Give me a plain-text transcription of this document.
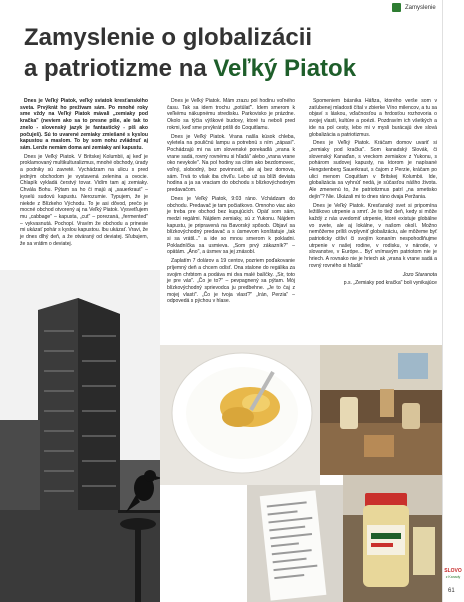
Zamyslenie
Zamyslenie o globalizácii
a patriotizme na Veľký Piatok

Dnes je Veľký Piatok, veľký sviatok kresťanského sveta. Prvýkrát ho prežívam sám. Po mnohé roky sme vždy na Veľký Piatok mávali „zemiaky pod kračka" (neviem ako sa to presne píše, ale tak to znelo - slovenský jazyk je fantastický - píš ako počuješ). Sú to uvarené zemiaky zmiešané s kyslou kapustou a maslom. To by som nohu zvládnuť aj sám. Lenže nemám doma ani zemiaky ani kapustu.

Dnes je Veľký Piatok. V Britskej Kolumbii, aj keď je proklamovaný multikulturalizmus, mnohé obchody, úrady a podniky sú zavreté. Vychádzam na ulicu s pred jedným obchodom je vystavená zelenina a ovocie. Chlapík vykladá čerstvý tovar. Vidím tam aj zemiaky. Chvála Bohu. Pýtam sa ho či majú aj „sauerkraut" – kyselú sudovú kapustu. Nerozumie. Typujem, že je niekde z Blízkeho Východu. To je asi dôvod, prečo je mocné obchod otvorený aj na Veľký Piatok. Vysvetľujem mu „cabbage" – kapusta, „cut" – porezaná, „fermented" – vykvasnutá. Pochopí. Vravím že obchodu a prinesie mi ukázať pohár s kyslou kapustou. Ibu ukázať. Vravi, že je dnes dlhý deň, a že otváraný od deviatej. Sľubujem, že sa vrátim o deviatej.

Dnes je Veľký Piatok. Mám zrazu pol hodinu voľného času. Tak sa idem trochu „potúlať". Idem smerom k veľkému nákupnému stredisku. Parkovisko je prázdne. Okolo sa týčia výškové budovy, ktoré tu neboli pred rokmi, keď sme prvýkrát prišli do Coquitlamu.

Dnes je Veľký Piatok. Vrana našla kúsok chleba, vyletela na pouličnú lampu a potrebnú s ním „zápasí". Pochádzajú mi na um slovenské porekadlá „vrana k vrane sadá, rovný rovnému si hľadá" alebo „vrana vrane oko nevykole". Na pol hodiny sa cítim ako bezdomovec, voľný, slobodný, bez povinností, ale aj bez domova, sám. Trvá to však iba chvíľu. Lebo už sa blíži deviata hodina a ja sa vraciam do obchodu s blízkovýchodným predavačom.

Dnes je Veľký Piatok, 9:03 ráno. Vchádzam do obchodu. Predavač je tam počiatkovo. Omnoho viac ako je treba pre obchod bez kupujúcich. Opäť som sám, medzi regálmi. Nájdem zemiaky, sú z Yukonu. Nájdem kapustu, je pripravená na Bavorský spôsob. Objaví sa blízkovýchodný predavač a s úsmevom konštatuje „tak si sa vrátil..." a ide so mnou smerom k pokladni. Pokladníčka sa usmieva. „Som prvý zákazník?" – opätám. „Áno", a úsmev sa jej znásobí.

Zaplatím 7 dolárov a 19 centov, pozriem poďakovanie príjemný deň a chcem odísť. Ona stalone do regálika za svojim chrbtom a podáva mi dva malé balíčky. „Sir, toto je pre vás". „Čo je to?" – pevpagnený sa pýtam. Mój blízkovýchodný sprievodca ju predbehne. „Je to čaj z mojej vlasti". „Čo je tvoja vlasť?" „Irán, Perzia" – odpovedá s pýchou v hlase.

Spomeniem básnika Háfiza, ktorého verše som v zaťubenej mladosti čítal v zbierke Víno milencov, a tu sa objaví s láskou, vďačnosťou a hrdosťou rozhovoria o svojej vlasti, kultúre a poézii. Pozdravím ich všetkých a ide na pol cesty, lebo mi v mysli burácajú dve slová globalizácia a patriotizmus.

Dnes je Veľký Piatok. Kráčam domov uvariť si „zemiaky pod kračka". Som kanadský Slovák, či slovenský Kanaďan, s vreckom zemiakov z Yukonu, s pohárom sudovej kapusty, na ktorom je napísané Hengstenberg Sauerkraut, s čajom z Perzie, kráčam po ulici menom Coquitlam v Britskej Kolumbii. Ide, globalizácia sa vyhnúť nedá, je súčasťou nášho života. Ale zmenenú to, že patriotizmus patrí „na smetisko dejín"? Nie. Ukázali mi to dnes ráno dvaja Peržania.

Dnes je Veľký Piatok. Kresťanský svet si pripomína ležiškovo utrpenie a smrť. Je to tiež deň, kedy si môže každý z nás uvedomiť utrpenie, ktoré existuje globálne vo svete, ale aj lokálne, v našom okolí. Možno nemôžeme príliš ovplyvniť globalizáciu, ale môžeme byť patrioticky citliví či svojím konaním nespohodlňujme utrpenie v našej rodine, v rodisku, v národe, v slovanstve, v Európe... Byť vnímavým patriotom nie je hriech. A rovnako nie je hriech ak „vrana k vrane sadá a rovný rovného si hľadá"

Jozo Staranota

p.s. „Zemiaky pod kračka" boli vynikajúce

SLOVO
z Kanady
61
